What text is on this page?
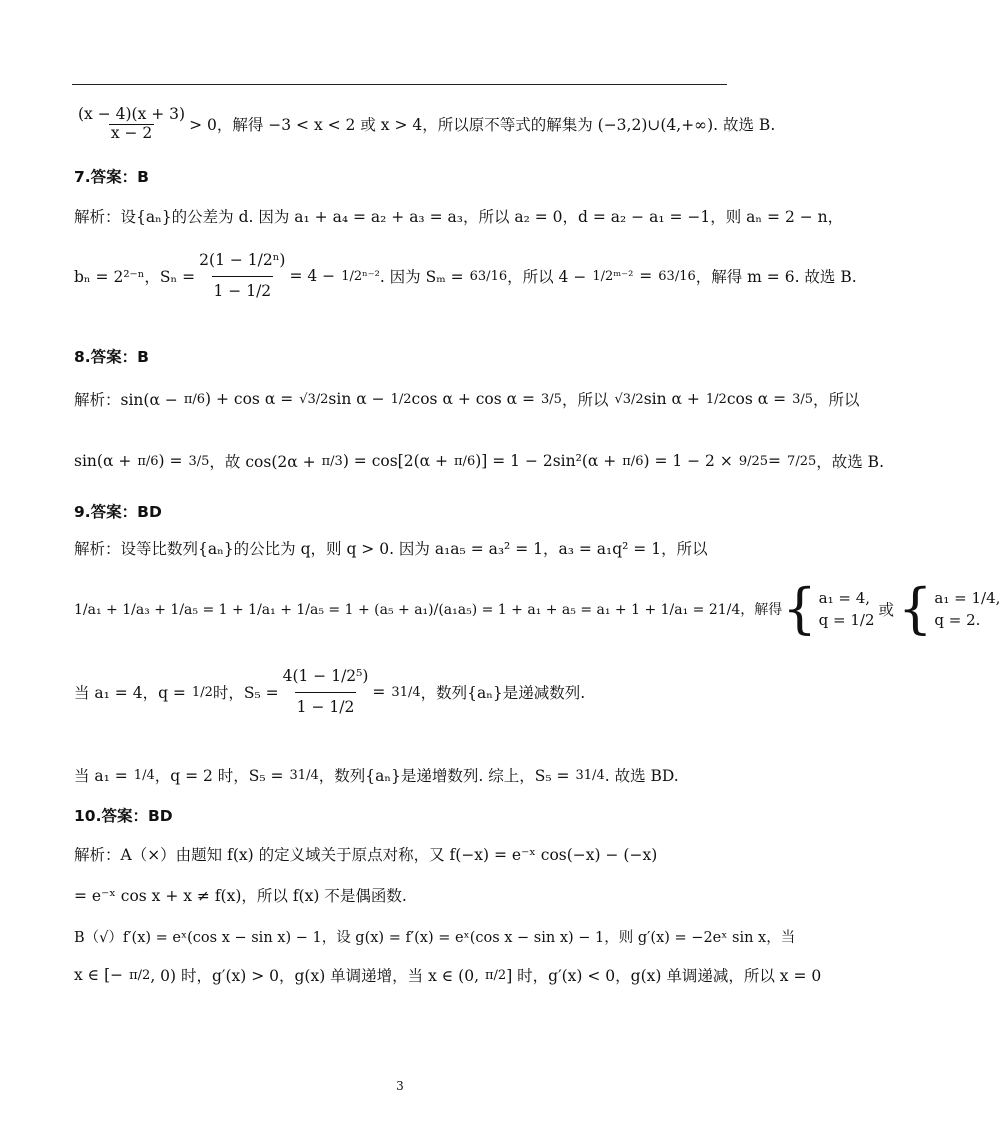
$\frac{(x - 4)(x + 3)}{x - 2} > 0$，解得 −3 < x < 2 或 x > 4，所以原不等式的解集为 (−3,2)∪(4,+∞). 故选 B.
7.答案：B
解析：设{aₙ}的公差为 d. 因为 a₁ + a₄ = a₂ + a₃ = a₃，所以 a₂ = 0，d = a₂ − a₁ = −1，则 aₙ = 2 − n，
bₙ = 2²⁻ⁿ，$S_n = \frac{\text{2(1 − 1/2ⁿ)}}{1 - 1/2} = 4 - 1/2^{n-2}$ . 因为 Sₘ = 63/16 ，所以 4 − 1/2ᵐ⁻² = 63/16 ，解得 m = 6. 故选 B.
8.答案：B
解析：sin(α − π/6 ) + cos α = √3/2 sin α − 1/2 cos α + cos α = 3/5 ，所以 √3/2 sin α + 1/2 cos α = 3/5 ，所以
sin(α + π/6 ) = 3/5 ，故 cos(2α + π/3 ) = cos[2(α + π/6 )] = 1 − 2sin²(α + π/6 ) = 1 − 2 × 9/25 = 7/25 ，故选 B.
9.答案：BD
解析：设等比数列{aₙ}的公比为 q，则 q > 0. 因为 a₁a₅ = a₃² = 1，a₃ = a₁q² = 1，所以
1/a₁ + 1/a₃ + 1/a₅ = 1 + 1/a₁ + 1/a₅ = 1 + (a₅ + a₁)/(a₁a₅) = 1 + a₁ + a₅ = a₁ + 1 + 1/a₁ = 21/4，解得 { a₁ = 4,
q = 1/2
或 { a₁ = 1/4,
q = 2.
当 a₁ = 4，q = 1/2 时，$S_5 = \frac{\text{4(1 − 1/2⁵)}}{1 - 1/2} = 31/4$ ，数列{aₙ}是递减数列.
当 a₁ = 1/4 ，q = 2 时，S₅ = 31/4 ，数列{aₙ}是递增数列. 综上，S₅ = 31/4 . 故选 BD.
10.答案：BD
解析：A（×）由题知 f(x) 的定义域关于原点对称，又 f(−x) = e⁻ˣ cos(−x) − (−x)
= e⁻ˣ cos x + x ≠ f(x)，所以 f(x) 不是偶函数.
B（√）f′(x) = eˣ(cos x − sin x) − 1，设 g(x) = f′(x) = eˣ(cos x − sin x) − 1，则 g′(x) = −2eˣ sin x，当
x ∈ [− π/2 , 0) 时，g′(x) > 0，g(x) 单调递增，当 x ∈ (0, π/2 ] 时，g′(x) < 0，g(x) 单调递减，所以 x = 0
3
